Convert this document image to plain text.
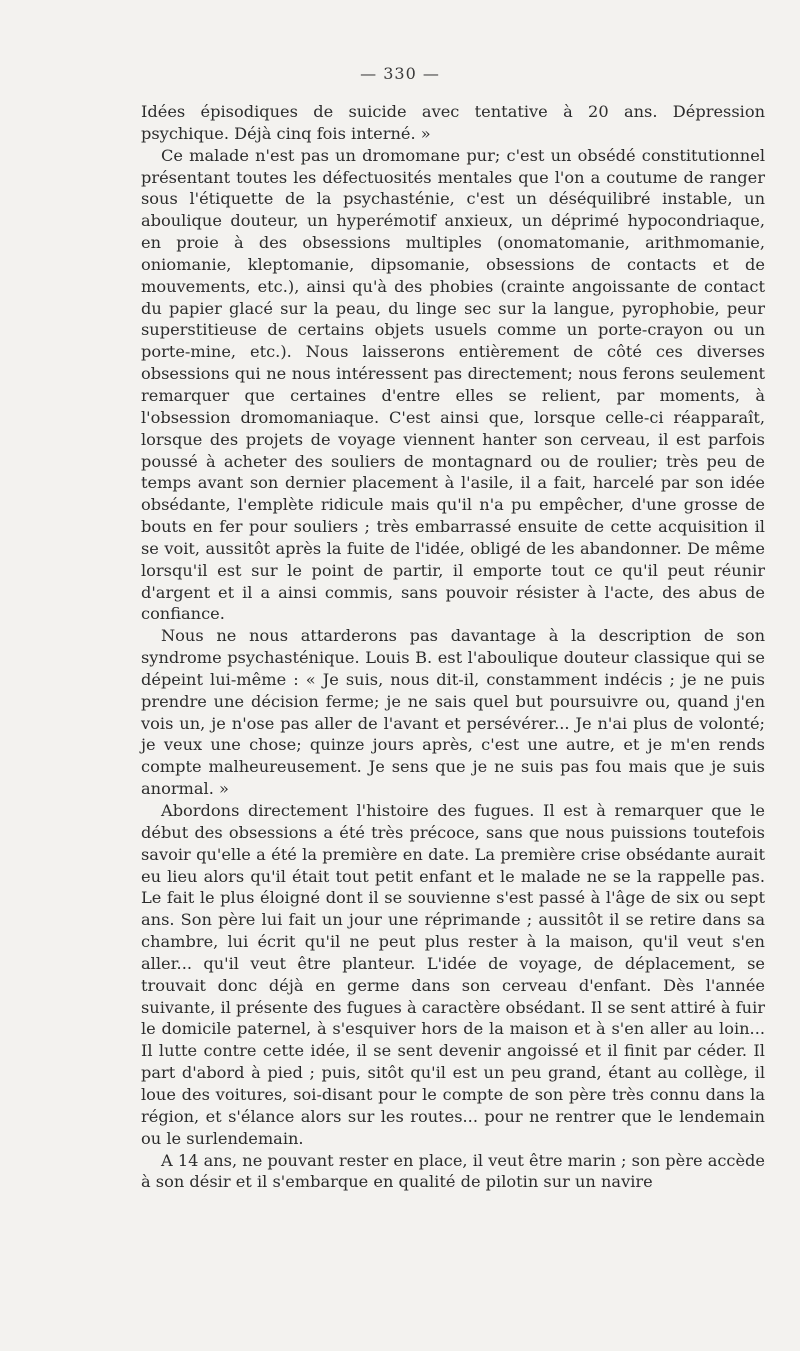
— 330 —

Idées épisodiques de suicide avec tentative à 20 ans. Dépression psychique. Déjà cinq fois interné. »

Ce malade n'est pas un dromomane pur; c'est un obsédé constitutionnel présentant toutes les défectuosités mentales que l'on a coutume de ranger sous l'étiquette de la psychasténie, c'est un déséquilibré instable, un aboulique douteur, un hyperémotif anxieux, un déprimé hypocondriaque, en proie à des obsessions multiples (onomatomanie, arithmomanie, oniomanie, kleptomanie, dipsomanie, obsessions de contacts et de mouvements, etc.), ainsi qu'à des phobies (crainte angoissante de contact du papier glacé sur la peau, du linge sec sur la langue, pyrophobie, peur superstitieuse de certains objets usuels comme un porte-crayon ou un porte-mine, etc.). Nous laisserons entièrement de côté ces diverses obsessions qui ne nous intéressent pas directement; nous ferons seulement remarquer que certaines d'entre elles se relient, par moments, à l'obsession dromomaniaque. C'est ainsi que, lorsque celle-ci réapparaît, lorsque des projets de voyage viennent hanter son cerveau, il est parfois poussé à acheter des souliers de montagnard ou de roulier; très peu de temps avant son dernier placement à l'asile, il a fait, harcelé par son idée obsédante, l'emplète ridicule mais qu'il n'a pu empêcher, d'une grosse de bouts en fer pour souliers ; très embarrassé ensuite de cette acquisition il se voit, aussitôt après la fuite de l'idée, obligé de les abandonner. De même lorsqu'il est sur le point de partir, il emporte tout ce qu'il peut réunir d'argent et il a ainsi commis, sans pouvoir résister à l'acte, des abus de confiance.

Nous ne nous attarderons pas davantage à la description de son syndrome psychasténique. Louis B. est l'aboulique douteur classique qui se dépeint lui-même : « Je suis, nous dit-il, constamment indécis ; je ne puis prendre une décision ferme; je ne sais quel but poursuivre ou, quand j'en vois un, je n'ose pas aller de l'avant et persévérer... Je n'ai plus de volonté; je veux une chose; quinze jours après, c'est une autre, et je m'en rends compte malheureusement. Je sens que je ne suis pas fou mais que je suis anormal. »

Abordons directement l'histoire des fugues. Il est à remarquer que le début des obsessions a été très précoce, sans que nous puissions toutefois savoir qu'elle a été la première en date. La première crise obsédante aurait eu lieu alors qu'il était tout petit enfant et le malade ne se la rappelle pas. Le fait le plus éloigné dont il se souvienne s'est passé à l'âge de six ou sept ans. Son père lui fait un jour une réprimande ; aussitôt il se retire dans sa chambre, lui écrit qu'il ne peut plus rester à la maison, qu'il veut s'en aller... qu'il veut être planteur. L'idée de voyage, de déplacement, se trouvait donc déjà en germe dans son cerveau d'enfant. Dès l'année suivante, il présente des fugues à caractère obsédant. Il se sent attiré à fuir le domicile paternel, à s'esquiver hors de la maison et à s'en aller au loin... Il lutte contre cette idée, il se sent devenir angoissé et il finit par céder. Il part d'abord à pied ; puis, sitôt qu'il est un peu grand, étant au collège, il loue des voitures, soi-disant pour le compte de son père très connu dans la région, et s'élance alors sur les routes... pour ne rentrer que le lendemain ou le surlendemain.

A 14 ans, ne pouvant rester en place, il veut être marin ; son père accède à son désir et il s'embarque en qualité de pilotin sur un navire
